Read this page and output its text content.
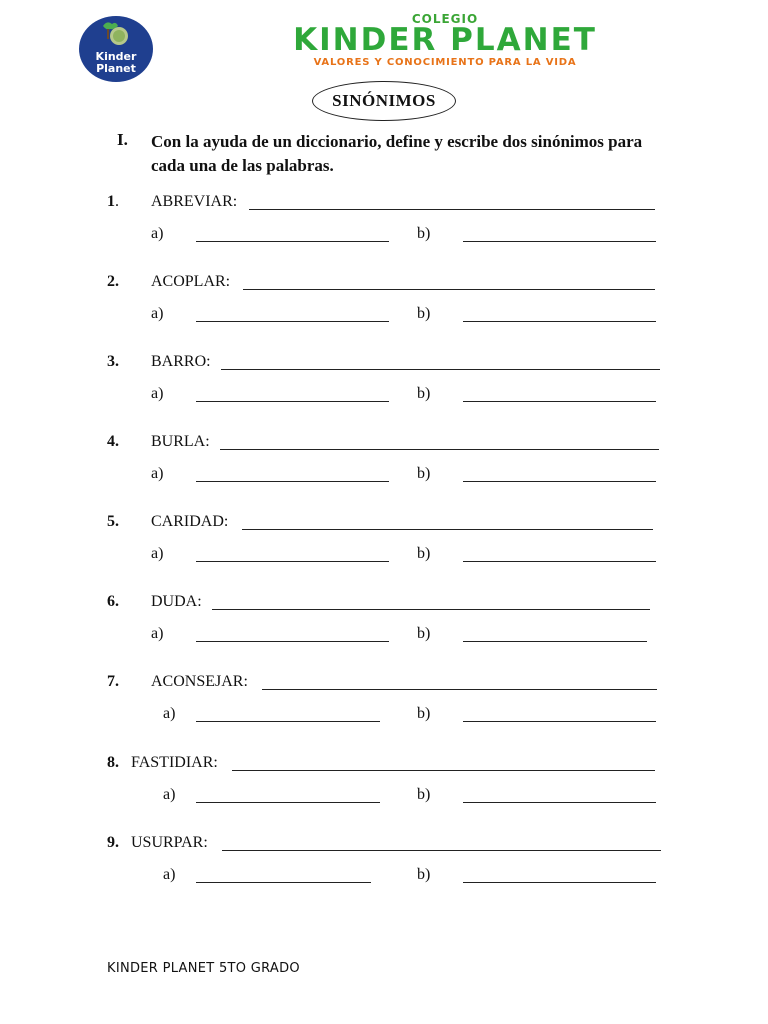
Kinder
Planet
COLEGIO
KINDER PLANET
VALORES Y CONOCIMIENTO PARA LA VIDA
SINÓNIMOS
I. Con la ayuda de un diccionario, define y escribe dos sinónimos para cada una de las palabras.
1 . ABREVIAR:
a)	b)
2. ACOPLAR:
a)	b)
3. BARRO:
a)	b)
4. BURLA:
a)	b)
5. CARIDAD:
a)	b)
6. DUDA:
a)	b)
7. ACONSEJAR:
a)	b)
8. FASTIDIAR:
a)	b)
9. USURPAR:
a)	b)
KINDER PLANET 5TO GRADO
